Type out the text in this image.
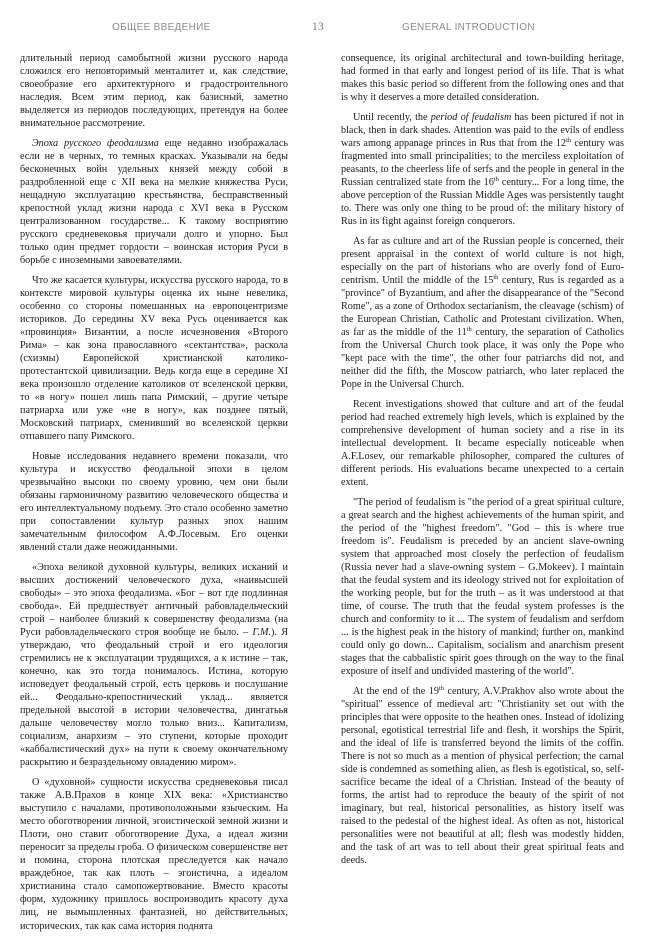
ОБЩЕЕ ВВЕДЕНИЕ	13	GENERAL INTRODUCTION

длительный период самобытной жизни русского народа сложился его неповторимый менталитет и, как следствие, своеобразие его архитектурного и градостроительного наследия. Всем этим период, как базисный, заметно выделяется из периодов последующих, претендуя на более внимательное рассмотрение.

Эпоха русского феодализма еще недавно изображалась если не в черных, то темных красках. Указывали на беды бесконечных войн удельных князей между собой в раздробленной еще с XII века на мелкие княжества Руси, нещадную эксплуатацию крестьянства, бесправственный крепостной уклад жизни народа с XVI века в Русском централизованном государстве... К такому восприятию русского средневековья приучали долго и упорно. Был только один предмет гордости – воинская история Руси в борьбе с иноземными завоевателями.

Что же касается культуры, искусства русского народа, то в контексте мировой культуры оценка их ныне невелика, особенно со стороны помешанных на европоцентризме историков. До середины XV века Русь оценивается как «провинция» Византии, а после исчезновения «Второго Рима» – как зона православного «сектантства», раскола (схизмы) Европейской христианской католико-протестантской цивилизации. Ведь когда еще в середине XI века произошло отделение католиков от вселенской церкви, то «в ногу» пошел лишь папа Римский, – другие четыре патриарха или уже «не в ногу», как позднее пятый, Московский патриарх, сменивший во вселенской церкви отпавшего папу Римского.

Новые исследования недавнего времени показали, что культура и искусство феодальной эпохи в целом чрезвычайно высоки по своему уровню, чем они были обязаны гармоничному развитию человеческого общества и его интеллектуальному подъему. Это стало особенно заметно при сопоставлении культур разных эпох нашим замечательным философом А.Ф.Лосевым. Его оценки явлений стали даже неожиданными.

«Эпоха великой духовной культуры, великих исканий и высших достижений человеческого духа, «наивысшей свободы» – это эпоха феодализма. «Бог – вот где подлинная свобода». Ей предшествует античный рабовладельческий строй – наиболее близкий к совершенству феодализма (на Руси рабовладельческого строя вообще не было. – Г.М.). Я утверждаю, что феодальный строй и его идеология стремились не к эксплуатации трудящихся, а к истине – так, конечно, как это тогда понималось. Истина, которую исповедует феодальный строй, есть церковь и послушание ей... Феодально-крепостнический уклад... является предельной высотой в истории человечества, дингатьья дальше человечеству могло только вниз... Капитализм, социализм, анархизм – это ступени, которые проходит «каббалистический дух» на пути к своему окончательному раскрытию и безраздельному овладению миром».

О «духовной» сущности искусства средневековья писал также А.В.Прахов в конце XIX века: «Христианство выступило с началами, противоположными языческим. На место обоготворения личной, эгоистической земной жизни и Плоти, оно ставит обоготворение Духа, а идеал жизни переносит за пределы гроба. О физическом совершенстве нет и помина, сторона плотская преследуется как начало враждебное, так как плоть – эгоистична, а идеалом христианина стало самопожертвование. Вместо красоты форм, художнику пришлось воспроизводить красоту духа лиц, не вымышленных фантазией, но действительных, исторических, так как сама история поднята

consequence, its original architectural and town-building heritage, had formed in that early and longest period of its life. That is what makes this basic period so different from the following ones and that is why it deserves a more detailed consideration.

Until recently, the period of feudalism has been pictured if not in black, then in dark shades. Attention was paid to the evils of endless wars among appanage princes in Rus that from the 12th century was fragmented into small principalities; to the merciless exploitation of peasants, to the cheerless life of serfs and the people in general in the Russian centralized state from the 16th century... For a long time, the above perception of the Russian Middle Ages was persistently taught to. There was only one thing to be proud of: the military history of Rus in its fight against foreign conquerors.

As far as culture and art of the Russian people is concerned, their present appraisal in the context of world culture is not high, especially on the part of historians who are overly fond of Euro-centrism. Until the middle of the 15th century, Rus is regarded as a "province" of Byzantium, and after the disappearance of the "Second Rome", as a zone of Orthodox sectarianism, the cleavage (schism) of the European Christian, Catholic and Protestant civilization. When, as far as the middle of the 11th century, the separation of Catholics from the Universal Church took place, it was only the Pope who "kept pace with the time", the other four patriarchs did not, and neither did the fifth, the Moscow patriarch, who later replaced the Pope in the Universal Church.

Recent investigations showed that culture and art of the feudal period had reached extremely high levels, which is explained by the comprehensive development of human society and a rise in its intellectual development. It became especially noticeable when A.F.Losev, our remarkable philosopher, compared the cultures of different periods. His evaluations became unexpected to a certain extent.

"The period of feudalism is "the period of a great spiritual culture, a great search and the highest achievements of the human spirit, and the period of the "highest freedom". "God – this is where true freedom is". Feudalism is preceded by an ancient slave-owning system that approached most closely the perfection of feudalism (Russia never had a slave-owning system – G.Mokeev). I maintain that the feudal system and its ideology strived not for exploitation of the working people, but for the truth – as it was understood at that time, of course. The truth that the feudal system professes is the church and conformity to it ... The system of feudalism and serfdom ... is the highest peak in the history of mankind; further on, mankind could only go down... Capitalism, socialism and anarchism present stages that the cabbalistic spirit goes through on the way to the final exposure of itself and undivided mastering of the world".

At the end of the 19th century, A.V.Prakhov also wrote about the "spiritual" essence of medieval art: "Christianity set out with the principles that were opposite to the heathen ones. Instead of idolizing personal, egotistical terrestrial life and flesh, it worships the Spirit, and the ideal of life is transferred beyond the limits of the coffin. There is not so much as a mention of physical perfection; the carnal side is condemned as something alien, as flesh is egotistical, so, self-sacrifice became the ideal of a Christian. Instead of the beauty of forms, the artist had to reproduce the beauty of the spirit of not imaginary, but real, historical personalities, as history itself was raised to the pedestal of the highest ideal. As often as not, historical personalities were not beautiful at all; flesh was modestly hidden, and the task of art was to tell about their great spiritual feats and deeds.
